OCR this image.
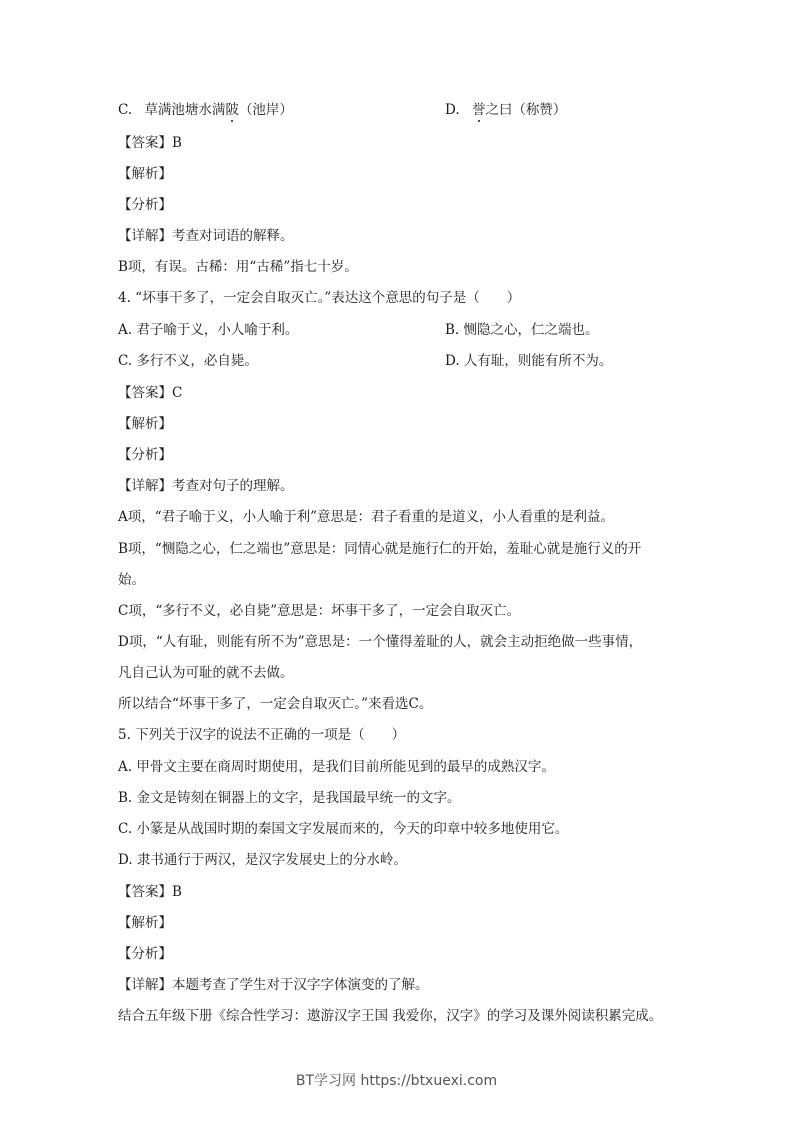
C. 草满池塘水满陂（池岸）	D. 誉之曰（称赞）
【答案】B
【解析】
【分析】
【详解】考查对词语的解释。
B项，有误。古稀：用“古稀”指七十岁。
4. “坏事干多了，一定会自取灭亡。”表达这个意思的句子是（　　）
A. 君子喻于义，小人喻于利。	B. 恻隐之心，仁之端也。
C. 多行不义，必自毙。	D. 人有耻，则能有所不为。
【答案】C
【解析】
【分析】
【详解】考查对句子的理解。
A项，“君子喻于义，小人喻于利”意思是：君子看重的是道义，小人看重的是利益。
B项，“恻隐之心，仁之端也”意思是：同情心就是施行仁的开始，羞耻心就是施行义的开
始。
C项，“多行不义，必自毙”意思是：坏事干多了，一定会自取灭亡。
D项，“人有耻，则能有所不为”意思是：一个懂得羞耻的人，就会主动拒绝做一些事情，
凡自己认为可耻的就不去做。
所以结合“坏事干多了，一定会自取灭亡。”来看选C。
5. 下列关于汉字的说法不正确的一项是（　　）
A. 甲骨文主要在商周时期使用，是我们目前所能见到的最早的成熟汉字。
B. 金文是铸刻在铜器上的文字，是我国最早统一的文字。
C. 小篆是从战国时期的秦国文字发展而来的，今天的印章中较多地使用它。
D. 隶书通行于两汉，是汉字发展史上的分水岭。
【答案】B
【解析】
【分析】
【详解】本题考查了学生对于汉字字体演变的了解。
结合五年级下册《综合性学习：遨游汉字王国 我爱你，汉字》的学习及课外阅读积累完成。
BT学习网 https://btxuexi.com
